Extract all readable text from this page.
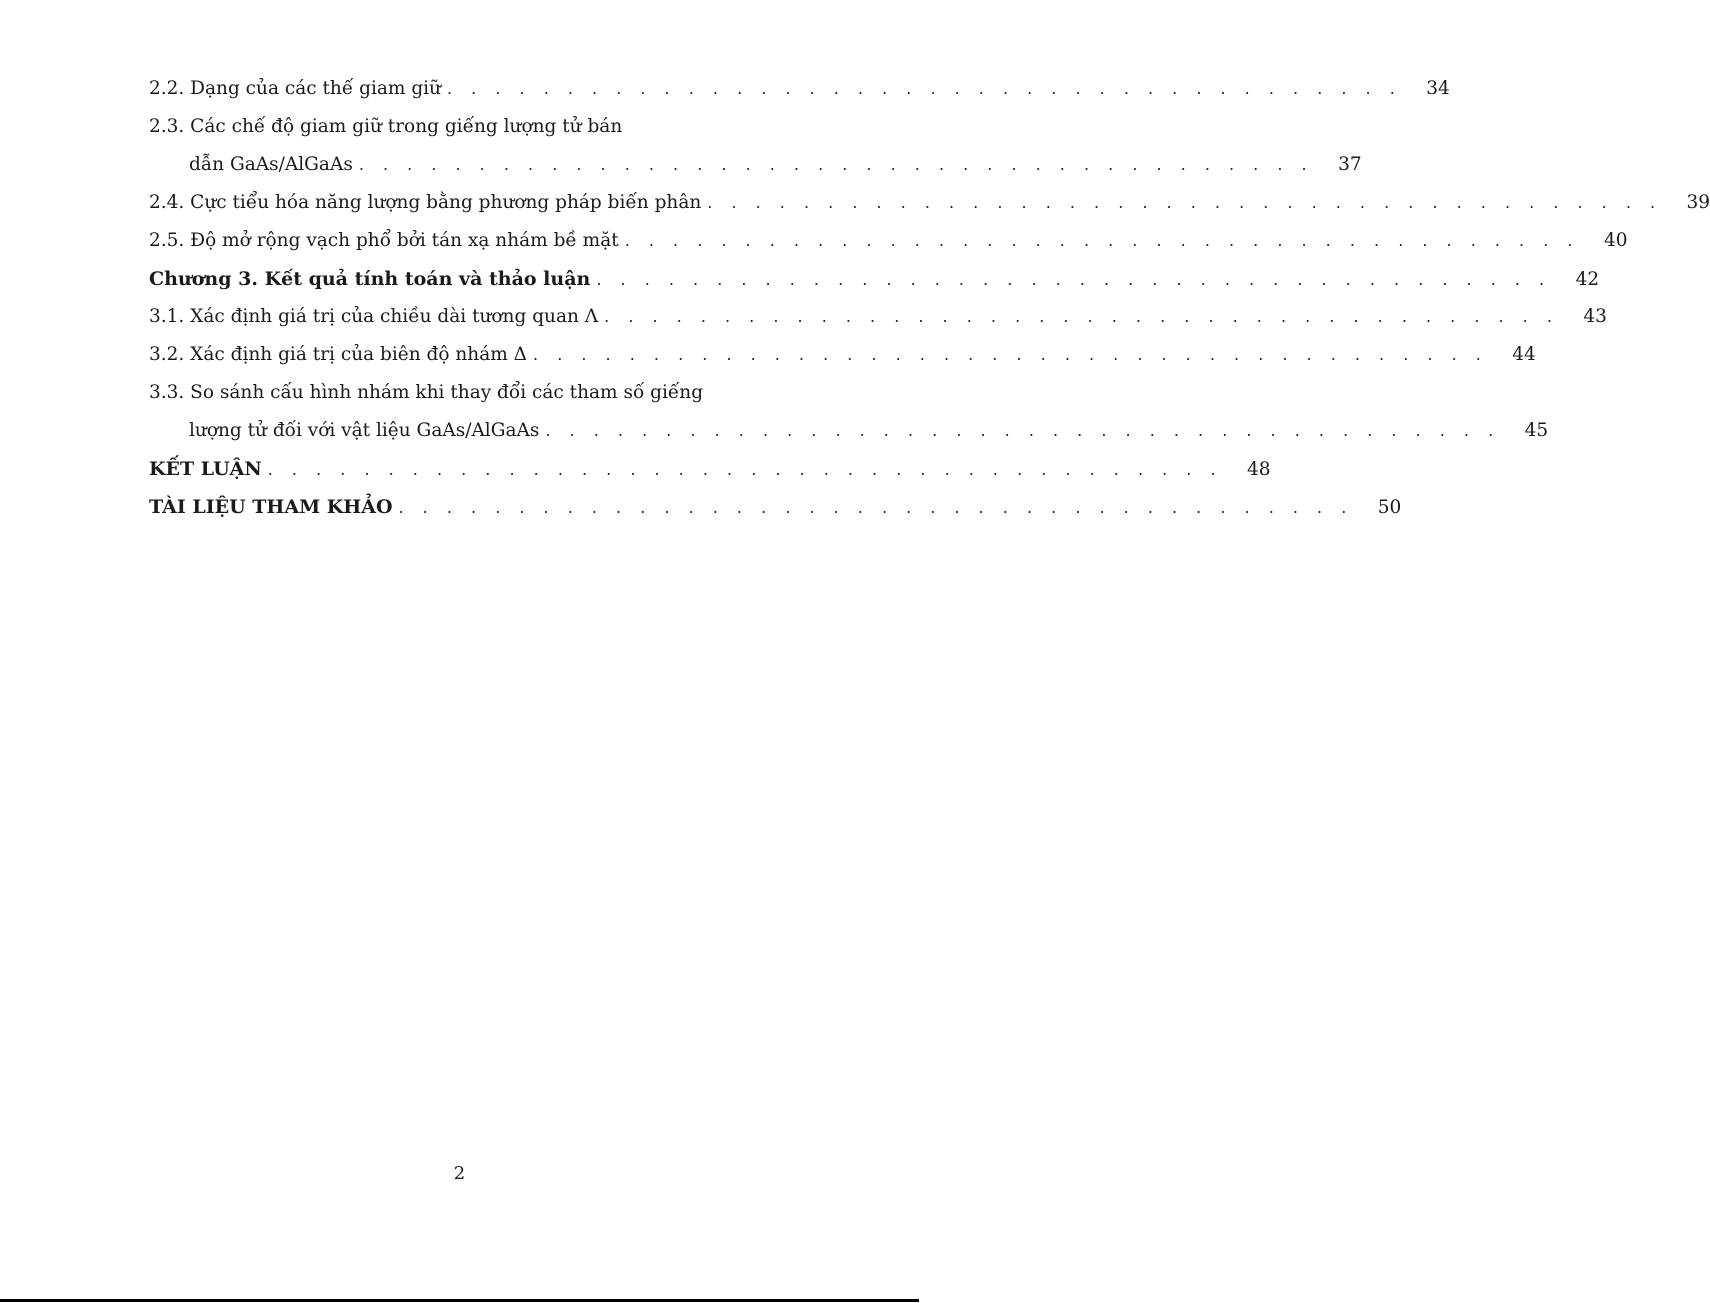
2.2. Dạng của các thế giam giữ . . . . . . . . . . . . . . . . . . . . . . . . . . . . . . . . . . . . . . . . 34
2.3. Các chế độ giam giữ trong giếng lượng tử bán
dẫn GaAs/AlGaAs . . . . . . . . . . . . . . . . . . . . . . . . . . . . . . . . . . . . . . . . 37
2.4. Cực tiểu hóa năng lượng bằng phương pháp biến phân . . . . . . . . . . . . . . . . . . . . . . . . . . . . . . . . . . . . . . . . 39
2.5. Độ mở rộng vạch phổ bởi tán xạ nhám bề mặt . . . . . . . . . . . . . . . . . . . . . . . . . . . . . . . . . . . . . . . . 40
Chương 3. Kết quả tính toán và thảo luận . . . . . . . . . . . . . . . . . . . . . . . . . . . . . . . . . . . . . . . . 42
3.1. Xác định giá trị của chiều dài tương quan Λ . . . . . . . . . . . . . . . . . . . . . . . . . . . . . . . . . . . . . . . . 43
3.2. Xác định giá trị của biên độ nhám Δ . . . . . . . . . . . . . . . . . . . . . . . . . . . . . . . . . . . . . . . . 44
3.3. So sánh cấu hình nhám khi thay đổi các tham số giếng
lượng tử đối với vật liệu GaAs/AlGaAs . . . . . . . . . . . . . . . . . . . . . . . . . . . . . . . . . . . . . . . . 45
KẾT LUẬN . . . . . . . . . . . . . . . . . . . . . . . . . . . . . . . . . . . . . . . . 48
TÀI LIỆU THAM KHẢO . . . . . . . . . . . . . . . . . . . . . . . . . . . . . . . . . . . . . . . . 50
2
